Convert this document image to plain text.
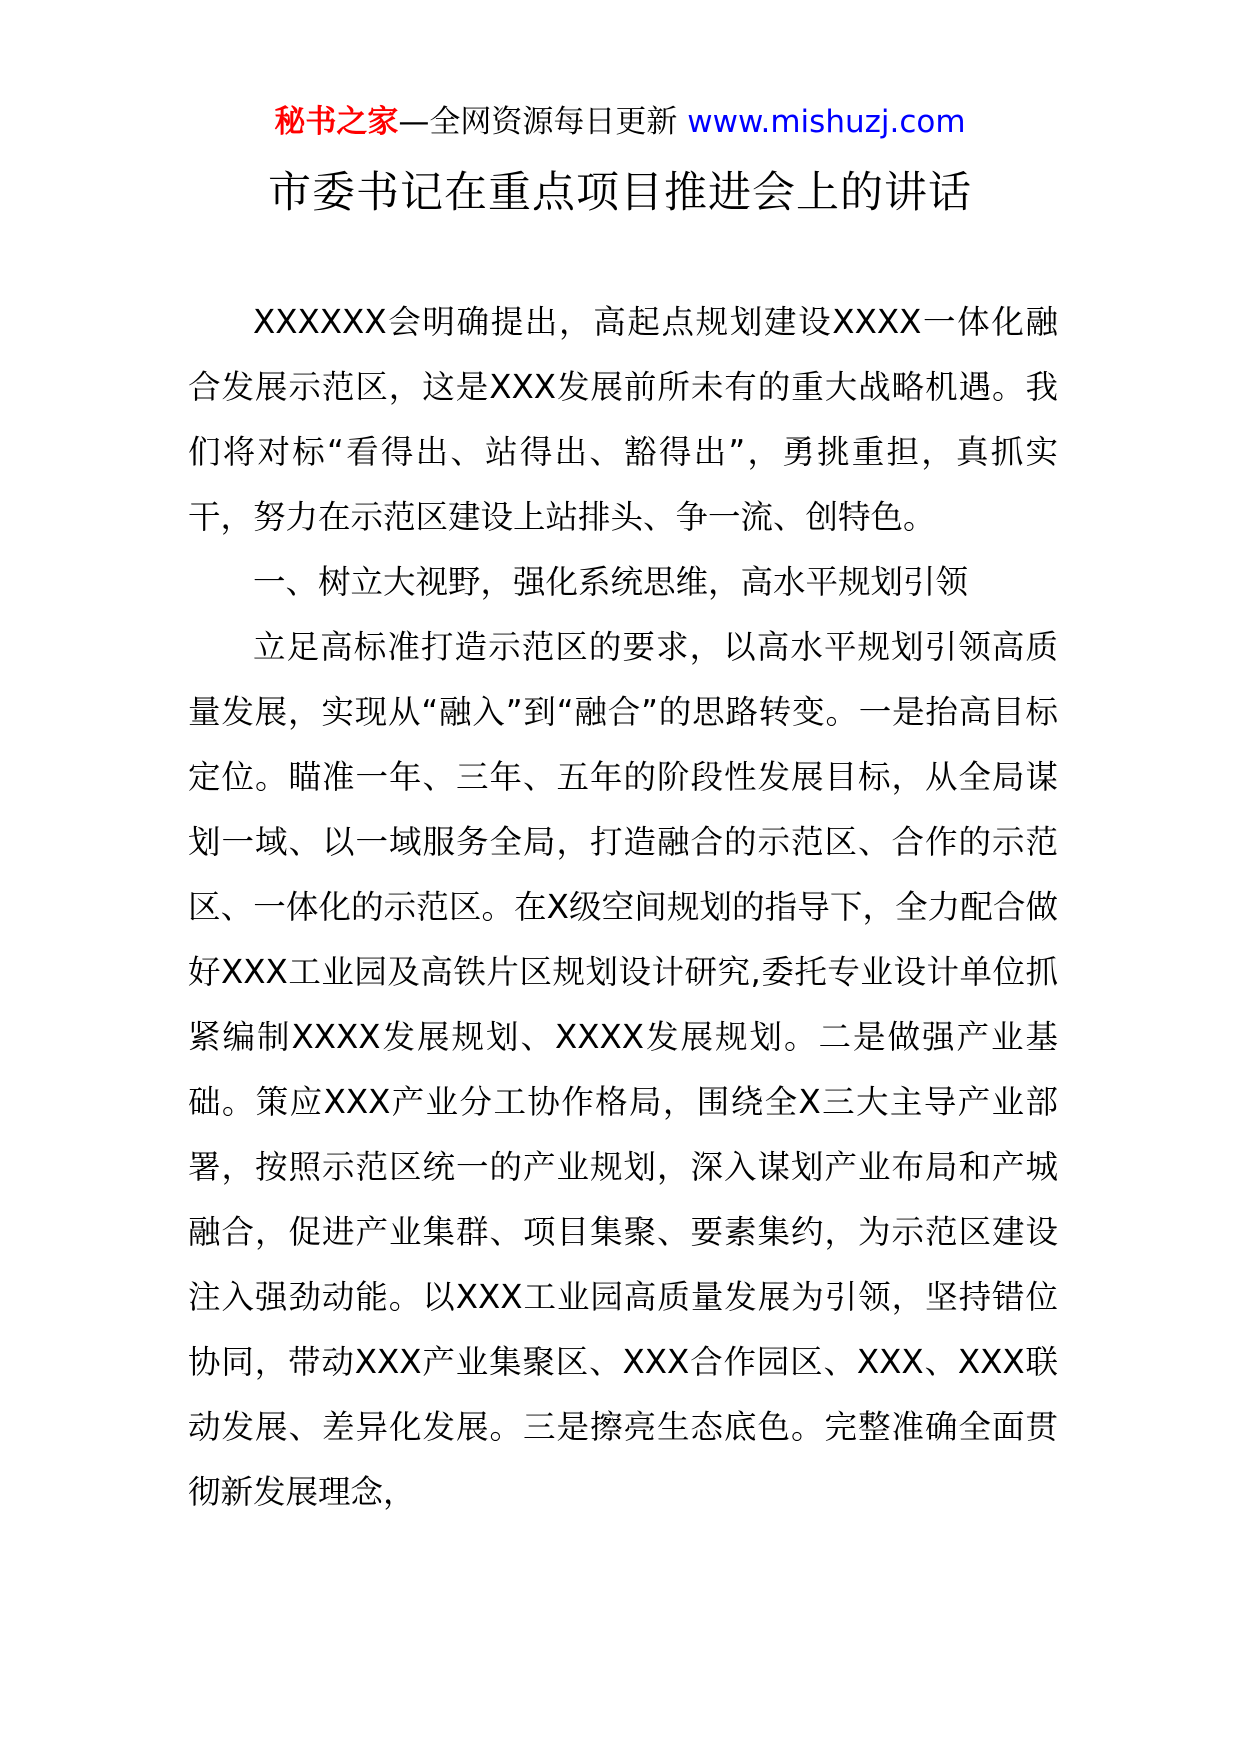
秘书之家—全网资源每日更新 www.mishuzj.com
市委书记在重点项目推进会上的讲话

XXXXXX会明确提出，高起点规划建设XXXX一体化融合发展示范区，这是XXX发展前所未有的重大战略机遇。我们将对标“看得出、站得出、豁得出”，勇挑重担，真抓实干，努力在示范区建设上站排头、争一流、创特色。

一、树立大视野，强化系统思维，高水平规划引领

立足高标准打造示范区的要求，以高水平规划引领高质量发展，实现从“融入”到“融合”的思路转变。一是抬高目标定位。瞄准一年、三年、五年的阶段性发展目标，从全局谋划一域、以一域服务全局，打造融合的示范区、合作的示范区、一体化的示范区。在X级空间规划的指导下，全力配合做好XXX工业园及高铁片区规划设计研究,委托专业设计单位抓紧编制XXXX发展规划、XXXX发展规划。二是做强产业基础。策应XXX产业分工协作格局，围绕全X三大主导产业部署，按照示范区统一的产业规划，深入谋划产业布局和产城融合，促进产业集群、项目集聚、要素集约，为示范区建设注入强劲动能。以XXX工业园高质量发展为引领，坚持错位协同，带动XXX产业集聚区、XXX合作园区、XXX、XXX联动发展、差异化发展。三是擦亮生态底色。完整准确全面贯彻新发展理念，
